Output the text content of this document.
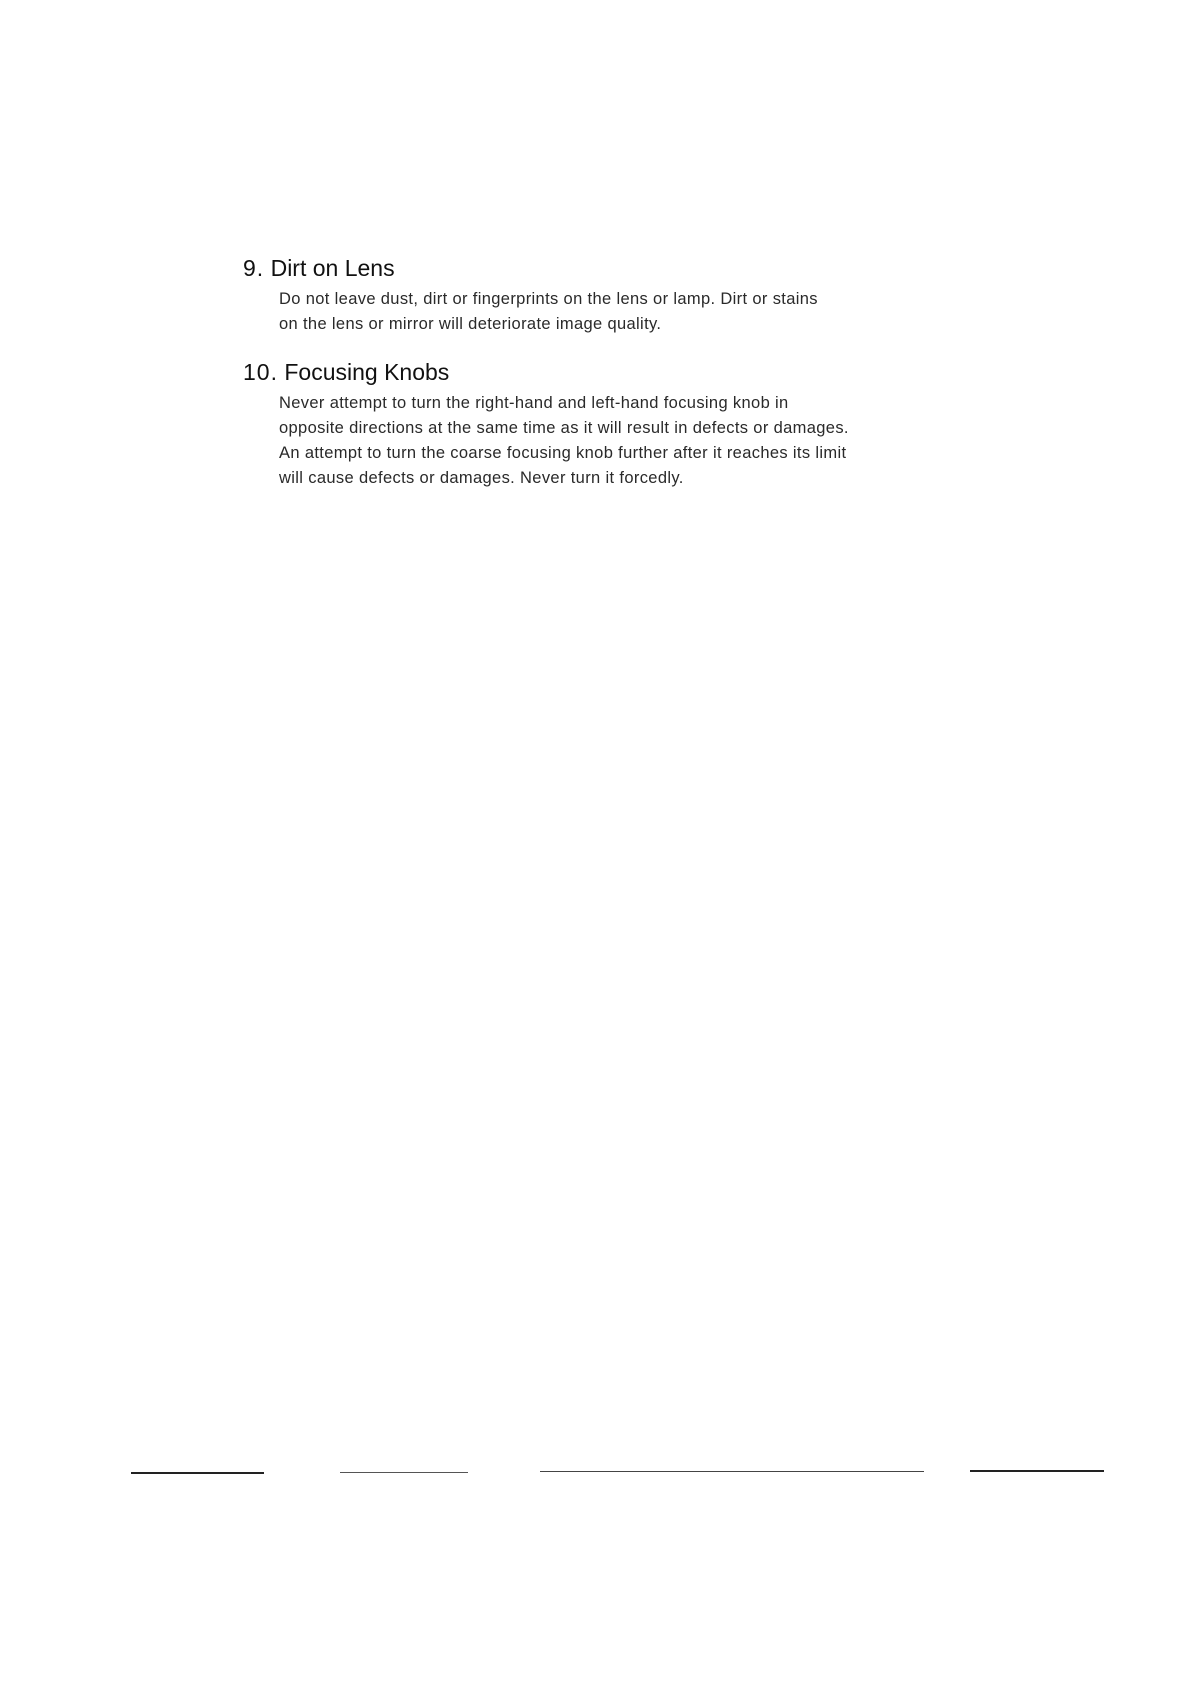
9. Dirt on Lens

Do not leave dust, dirt or fingerprints on the lens or lamp. Dirt or stains
on the lens or mirror will deteriorate image quality.

10. Focusing Knobs

Never attempt to turn the right-hand and left-hand focusing knob in
opposite directions at the same time as it will result in defects or damages.
An attempt to turn the coarse focusing knob further after it reaches its limit
will cause defects or damages. Never turn it forcedly.
